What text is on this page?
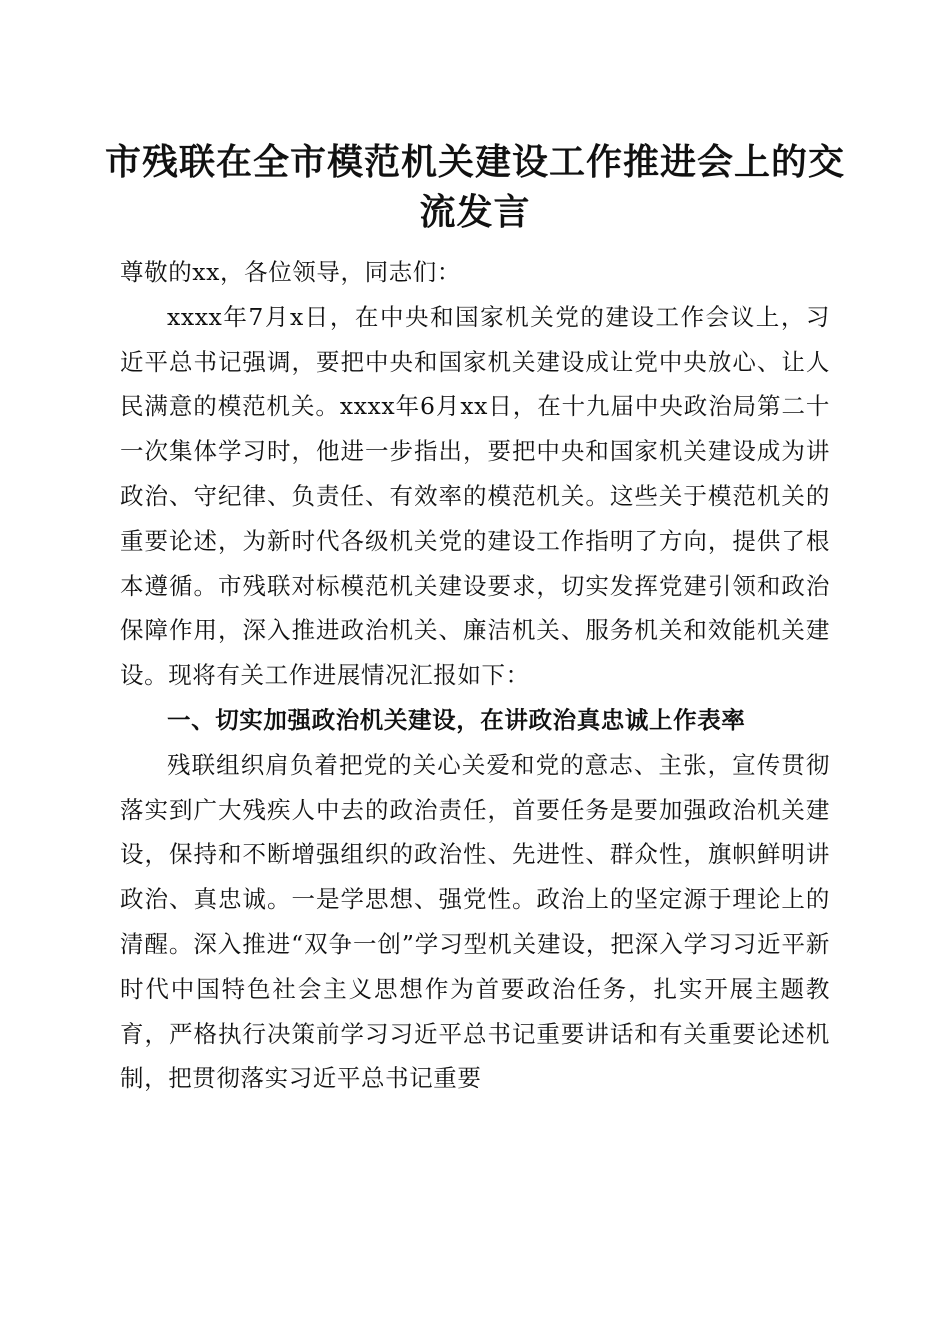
市残联在全市模范机关建设工作推进会上的交流发言

尊敬的xx，各位领导，同志们：

xxxx年7月x日，在中央和国家机关党的建设工作会议上，习近平总书记强调，要把中央和国家机关建设成让党中央放心、让人民满意的模范机关。xxxx年6月xx日，在十九届中央政治局第二十一次集体学习时，他进一步指出，要把中央和国家机关建设成为讲政治、守纪律、负责任、有效率的模范机关。这些关于模范机关的重要论述，为新时代各级机关党的建设工作指明了方向，提供了根本遵循。市残联对标模范机关建设要求，切实发挥党建引领和政治保障作用，深入推进政治机关、廉洁机关、服务机关和效能机关建设。现将有关工作进展情况汇报如下：

一、切实加强政治机关建设，在讲政治真忠诚上作表率

残联组织肩负着把党的关心关爱和党的意志、主张，宣传贯彻落实到广大残疾人中去的政治责任，首要任务是要加强政治机关建设，保持和不断增强组织的政治性、先进性、群众性，旗帜鲜明讲政治、真忠诚。一是学思想、强党性。政治上的坚定源于理论上的清醒。深入推进“双争一创”学习型机关建设，把深入学习习近平新时代中国特色社会主义思想作为首要政治任务，扎实开展主题教育，严格执行决策前学习习近平总书记重要讲话和有关重要论述机制，把贯彻落实习近平总书记重要
